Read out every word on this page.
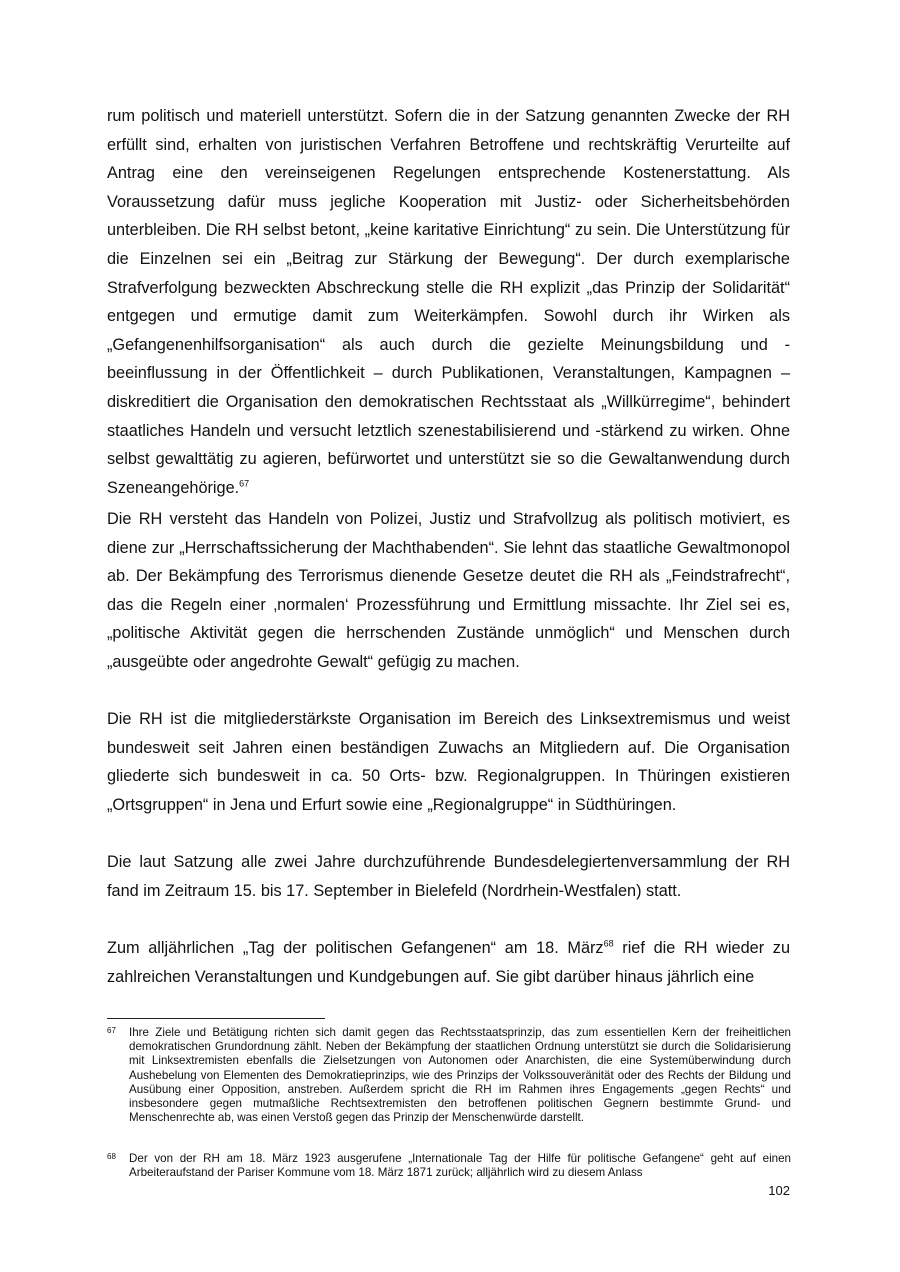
rum politisch und materiell unterstützt. Sofern die in der Satzung genannten Zwecke der RH erfüllt sind, erhalten von juristischen Verfahren Betroffene und rechtskräftig Verurteilte auf Antrag eine den vereinseigenen Regelungen entsprechende Kostenerstattung. Als Voraussetzung dafür muss jegliche Kooperation mit Justiz- oder Sicherheitsbehörden unterbleiben. Die RH selbst betont, „keine karitative Einrichtung“ zu sein. Die Unterstützung für die Einzelnen sei ein „Beitrag zur Stärkung der Bewegung“. Der durch exemplarische Strafverfolgung bezweckten Abschreckung stelle die RH explizit „das Prinzip der Solidarität“ entgegen und ermutige damit zum Weiterkämpfen. Sowohl durch ihr Wirken als „Gefangenenhilfsorganisation“ als auch durch die gezielte Meinungsbildung und -beeinflussung in der Öffentlichkeit – durch Publikationen, Veranstaltungen, Kampagnen – diskreditiert die Organisation den demokratischen Rechtsstaat als „Willkürregime“, behindert staatliches Handeln und versucht letztlich szenestabilisierend und -stärkend zu wirken. Ohne selbst gewalttätig zu agieren, befürwortet und unterstützt sie so die Gewaltanwendung durch Szeneangehörige.$^{67}$

Die RH versteht das Handeln von Polizei, Justiz und Strafvollzug als politisch motiviert, es diene zur „Herrschaftssicherung der Machthabenden“. Sie lehnt das staatliche Gewaltmonopol ab. Der Bekämpfung des Terrorismus dienende Gesetze deutet die RH als „Feindstrafrecht“, das die Regeln einer ‚normalen‘ Prozessführung und Ermittlung missachte. Ihr Ziel sei es, „politische Aktivität gegen die herrschenden Zustände unmöglich“ und Menschen durch „ausgeübte oder angedrohte Gewalt“ gefügig zu machen.

Die RH ist die mitgliederstärkste Organisation im Bereich des Linksextremismus und weist bundesweit seit Jahren einen beständigen Zuwachs an Mitgliedern auf. Die Organisation gliederte sich bundesweit in ca. 50 Orts- bzw. Regionalgruppen. In Thüringen existieren „Ortsgruppen“ in Jena und Erfurt sowie eine „Regionalgruppe“ in Südthüringen.

Die laut Satzung alle zwei Jahre durchzuführende Bundesdelegiertenversammlung der RH fand im Zeitraum 15. bis 17. September in Bielefeld (Nordrhein-Westfalen) statt.

Zum alljährlichen „Tag der politischen Gefangenen“ am 18. März$^{68}$ rief die RH wieder zu zahlreichen Veranstaltungen und Kundgebungen auf. Sie gibt darüber hinaus jährlich eine

67 Ihre Ziele und Betätigung richten sich damit gegen das Rechtsstaatsprinzip, das zum essentiellen Kern der freiheitlichen demokratischen Grundordnung zählt. Neben der Bekämpfung der staatlichen Ordnung unterstützt sie durch die Solidarisierung mit Linksextremisten ebenfalls die Zielsetzungen von Autonomen oder Anarchisten, die eine Systemüberwindung durch Aushebelung von Elementen des Demokratieprinzips, wie des Prinzips der Volkssouveränität oder des Rechts der Bildung und Ausübung einer Opposition, anstreben. Außerdem spricht die RH im Rahmen ihres Engagements „gegen Rechts“ und insbesondere gegen mutmaßliche Rechtsextremisten den betroffenen politischen Gegnern bestimmte Grund- und Menschenrechte ab, was einen Verstoß gegen das Prinzip der Menschenwürde darstellt.
68 Der von der RH am 18. März 1923 ausgerufene „Internationale Tag der Hilfe für politische Gefangene“ geht auf einen Arbeiteraufstand der Pariser Kommune vom 18. März 1871 zurück; alljährlich wird zu diesem Anlass
102
